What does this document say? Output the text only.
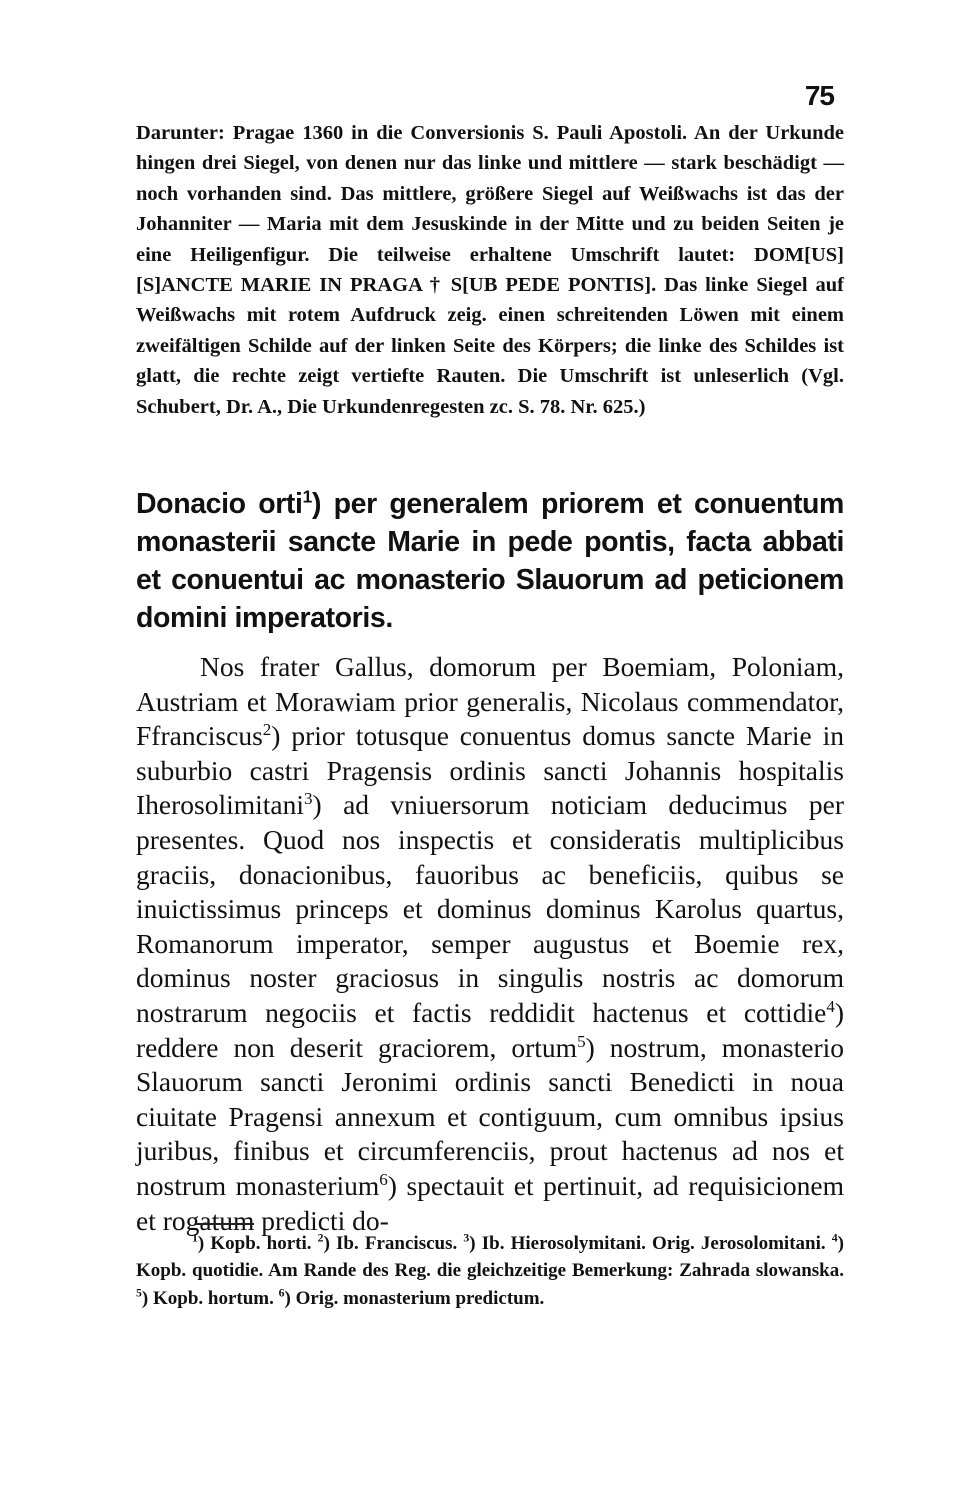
75

Darunter: Pragae 1360 in die Conversionis S. Pauli Apostoli. An der Urkunde hingen drei Siegel, von denen nur das linke und mittlere — stark beschädigt — noch vorhanden sind. Das mittlere, größere Siegel auf Weißwachs ist das der Johanniter — Maria mit dem Jesuskinde in der Mitte und zu beiden Seiten je eine Heiligenfigur. Die teilweise erhaltene Umschrift lautet: DOM[US] [S]ANCTE MARIE IN PRAGA † S[UB PEDE PONTIS]. Das linke Siegel auf Weißwachs mit rotem Aufdruck zeig. einen schreitenden Löwen mit einem zweifältigen Schilde auf der linken Seite des Körpers; die linke des Schildes ist glatt, die rechte zeigt vertiefte Rauten. Die Umschrift ist unleserlich (Vgl. Schubert, Dr. A., Die Urkundenregesten zc. S. 78. Nr. 625.)

Donacio orti$^1$) per generalem priorem et conuentum monasterii sancte Marie in pede pontis, facta abbati et conuentui ac monasterio Slauorum ad peticionem domini imperatoris.

Nos frater Gallus, domorum per Boemiam, Poloniam, Austriam et Morawiam prior generalis, Nicolaus commendator, Ffranciscus$^2$) prior totusque conuentus domus sancte Marie in suburbio castri Pragensis ordinis sancti Johannis hospitalis Iherosolimitani$^3$) ad vniuersorum noticiam deducimus per presentes. Quod nos inspectis et consideratis multiplicibus graciis, donacionibus, fauoribus ac beneficiis, quibus se inuictissimus princeps et dominus dominus Karolus quartus, Romanorum imperator, semper augustus et Boemie rex, dominus noster graciosus in singulis nostris ac domorum nostrarum negociis et factis reddidit hactenus et cottidie$^4$) reddere non deserit graciorem, ortum$^5$) nostrum, monasterio Slauorum sancti Jeronimi ordinis sancti Benedicti in noua ciuitate Pragensi annexum et contiguum, cum omnibus ipsius juribus, finibus et circumferenciis, prout hactenus ad nos et nostrum monasterium$^6$) spectauit et pertinuit, ad requisicionem et rogatum predicti do-

$^1$) Kopb. horti. $^2$) Ib. Franciscus. $^3$) Ib. Hierosolymitani. Orig. Jerosolomitani. $^4$) Kopb. quotidie. Am Rande des Reg. die gleichzeitige Bemerkung: Zahrada slowanska. $^5$) Kopb. hortum. $^6$) Orig. monasterium predictum.
